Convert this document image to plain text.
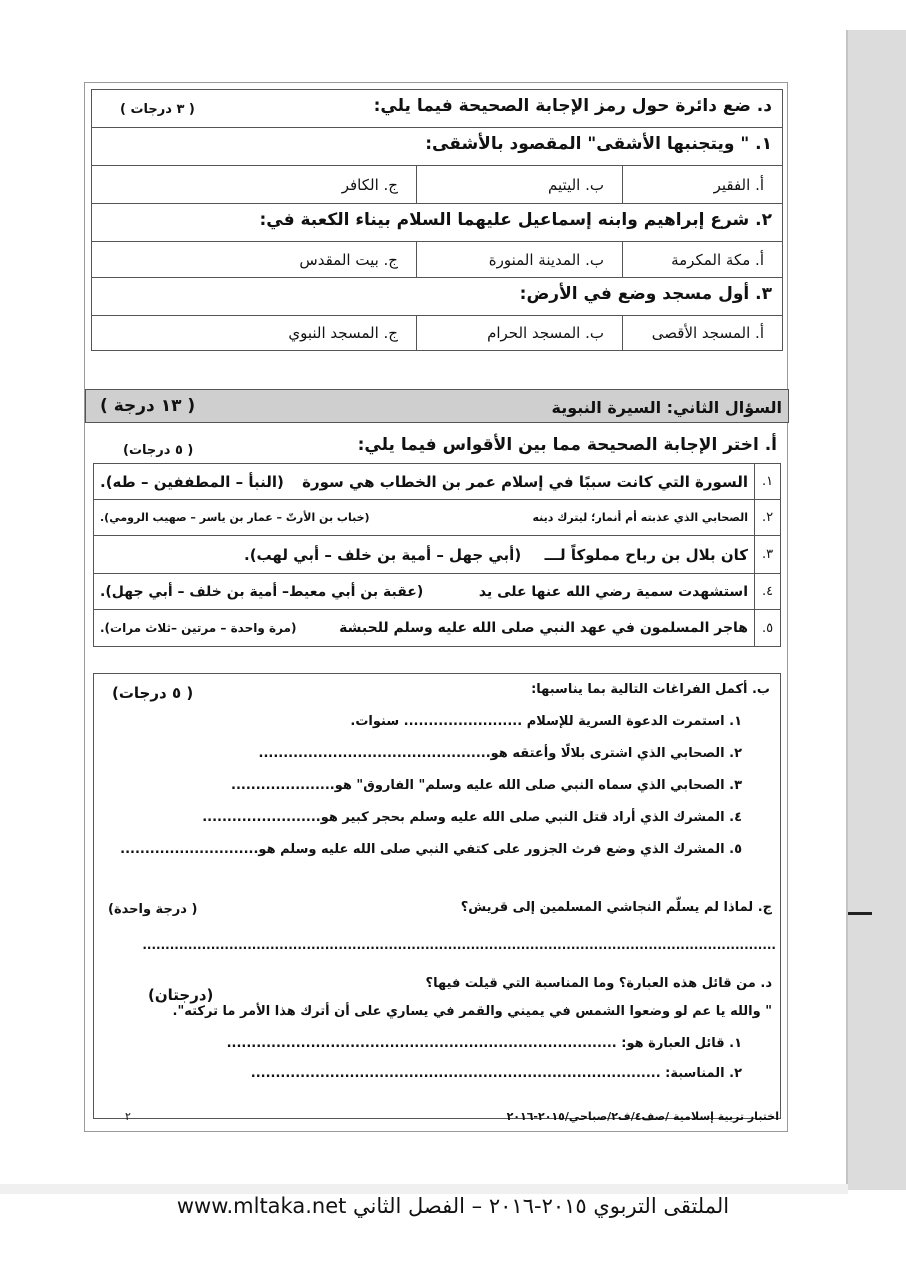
د. ضع دائرة حول رمز الإجابة الصحيحة فيما يلي:
( ٣ درجات )
١. " ويتجنبها الأشقى" المقصود بالأشقى:
أ. الفقير
ب. اليتيم
ج. الكافر
٢. شرع إبراهيم وابنه إسماعيل عليهما السلام بيناء الكعبة في:
أ. مكة المكرمة
ب. المدينة المنورة
ج. بيت المقدس
٣. أول مسجد وضع في الأرض:
أ. المسجد الأقصى
ب. المسجد الحرام
ج. المسجد النبوي
السؤال الثاني: السيرة النبوية
( ١٣ درجة )
أ. اختر الإجابة الصحيحة مما بين الأقواس فيما يلي:
( ٥ درجات)
١.
السورة التي كانت سببًا في إسلام عمر بن الخطاب هي سورة
(النبأ – المطففين – طه).
٢.
الصحابي الذي عذبته أم أنمار؛ ليترك دينه
(خباب بن الأرتّ – عمار بن ياسر – صهيب الرومي).
٣.
كان بلال بن رباح مملوكاً لـــ
(أبي جهل – أمية بن خلف – أبي لهب).
٤.
استشهدت سمية رضي الله عنها على يد
(عقبة بن أبي معيط– أمية بن خلف – أبي جهل).
٥.
هاجر المسلمون في عهد النبي صلى الله عليه وسلم للحبشة
(مرة واحدة – مرتين –ثلاث مرات).
ب. أكمل الفراغات التالية بما يناسبها:
( ٥ درجات)
١. استمرت الدعوة السرية للإسلام ........................ سنوات.
٢. الصحابي الذي اشترى بلالًا وأعتقه هو...............................................
٣. الصحابي الذي سماه النبي صلى الله عليه وسلم" الفاروق" هو.....................
٤. المشرك الذي أراد قتل النبي صلى الله عليه وسلم بحجر كبير هو........................
٥. المشرك الذي وضع فرث الجزور على كتفي النبي صلى الله عليه وسلم هو............................
ج. لماذا لم يسلّم النجاشي المسلمين إلى قريش؟
( درجة واحدة)
...........................................................................................................................................
د. من قائل هذه العبارة؟ وما المناسبة التي قيلت فيها؟
(درجتان)
" والله يا عم لو وضعوا الشمس في يميني والقمر في يساري على أن أترك هذا الأمر ما تركته".
١. قائل العبارة هو: ...............................................................................
٢. المناسبة: ...................................................................................
اختبار تربية إسلامية /صف٤/ف٢/صباحي/٢٠١٥-٢٠١٦
٢
www.mltaka.net الملتقى التربوي ٢٠١٥-٢٠١٦ – الفصل الثاني
